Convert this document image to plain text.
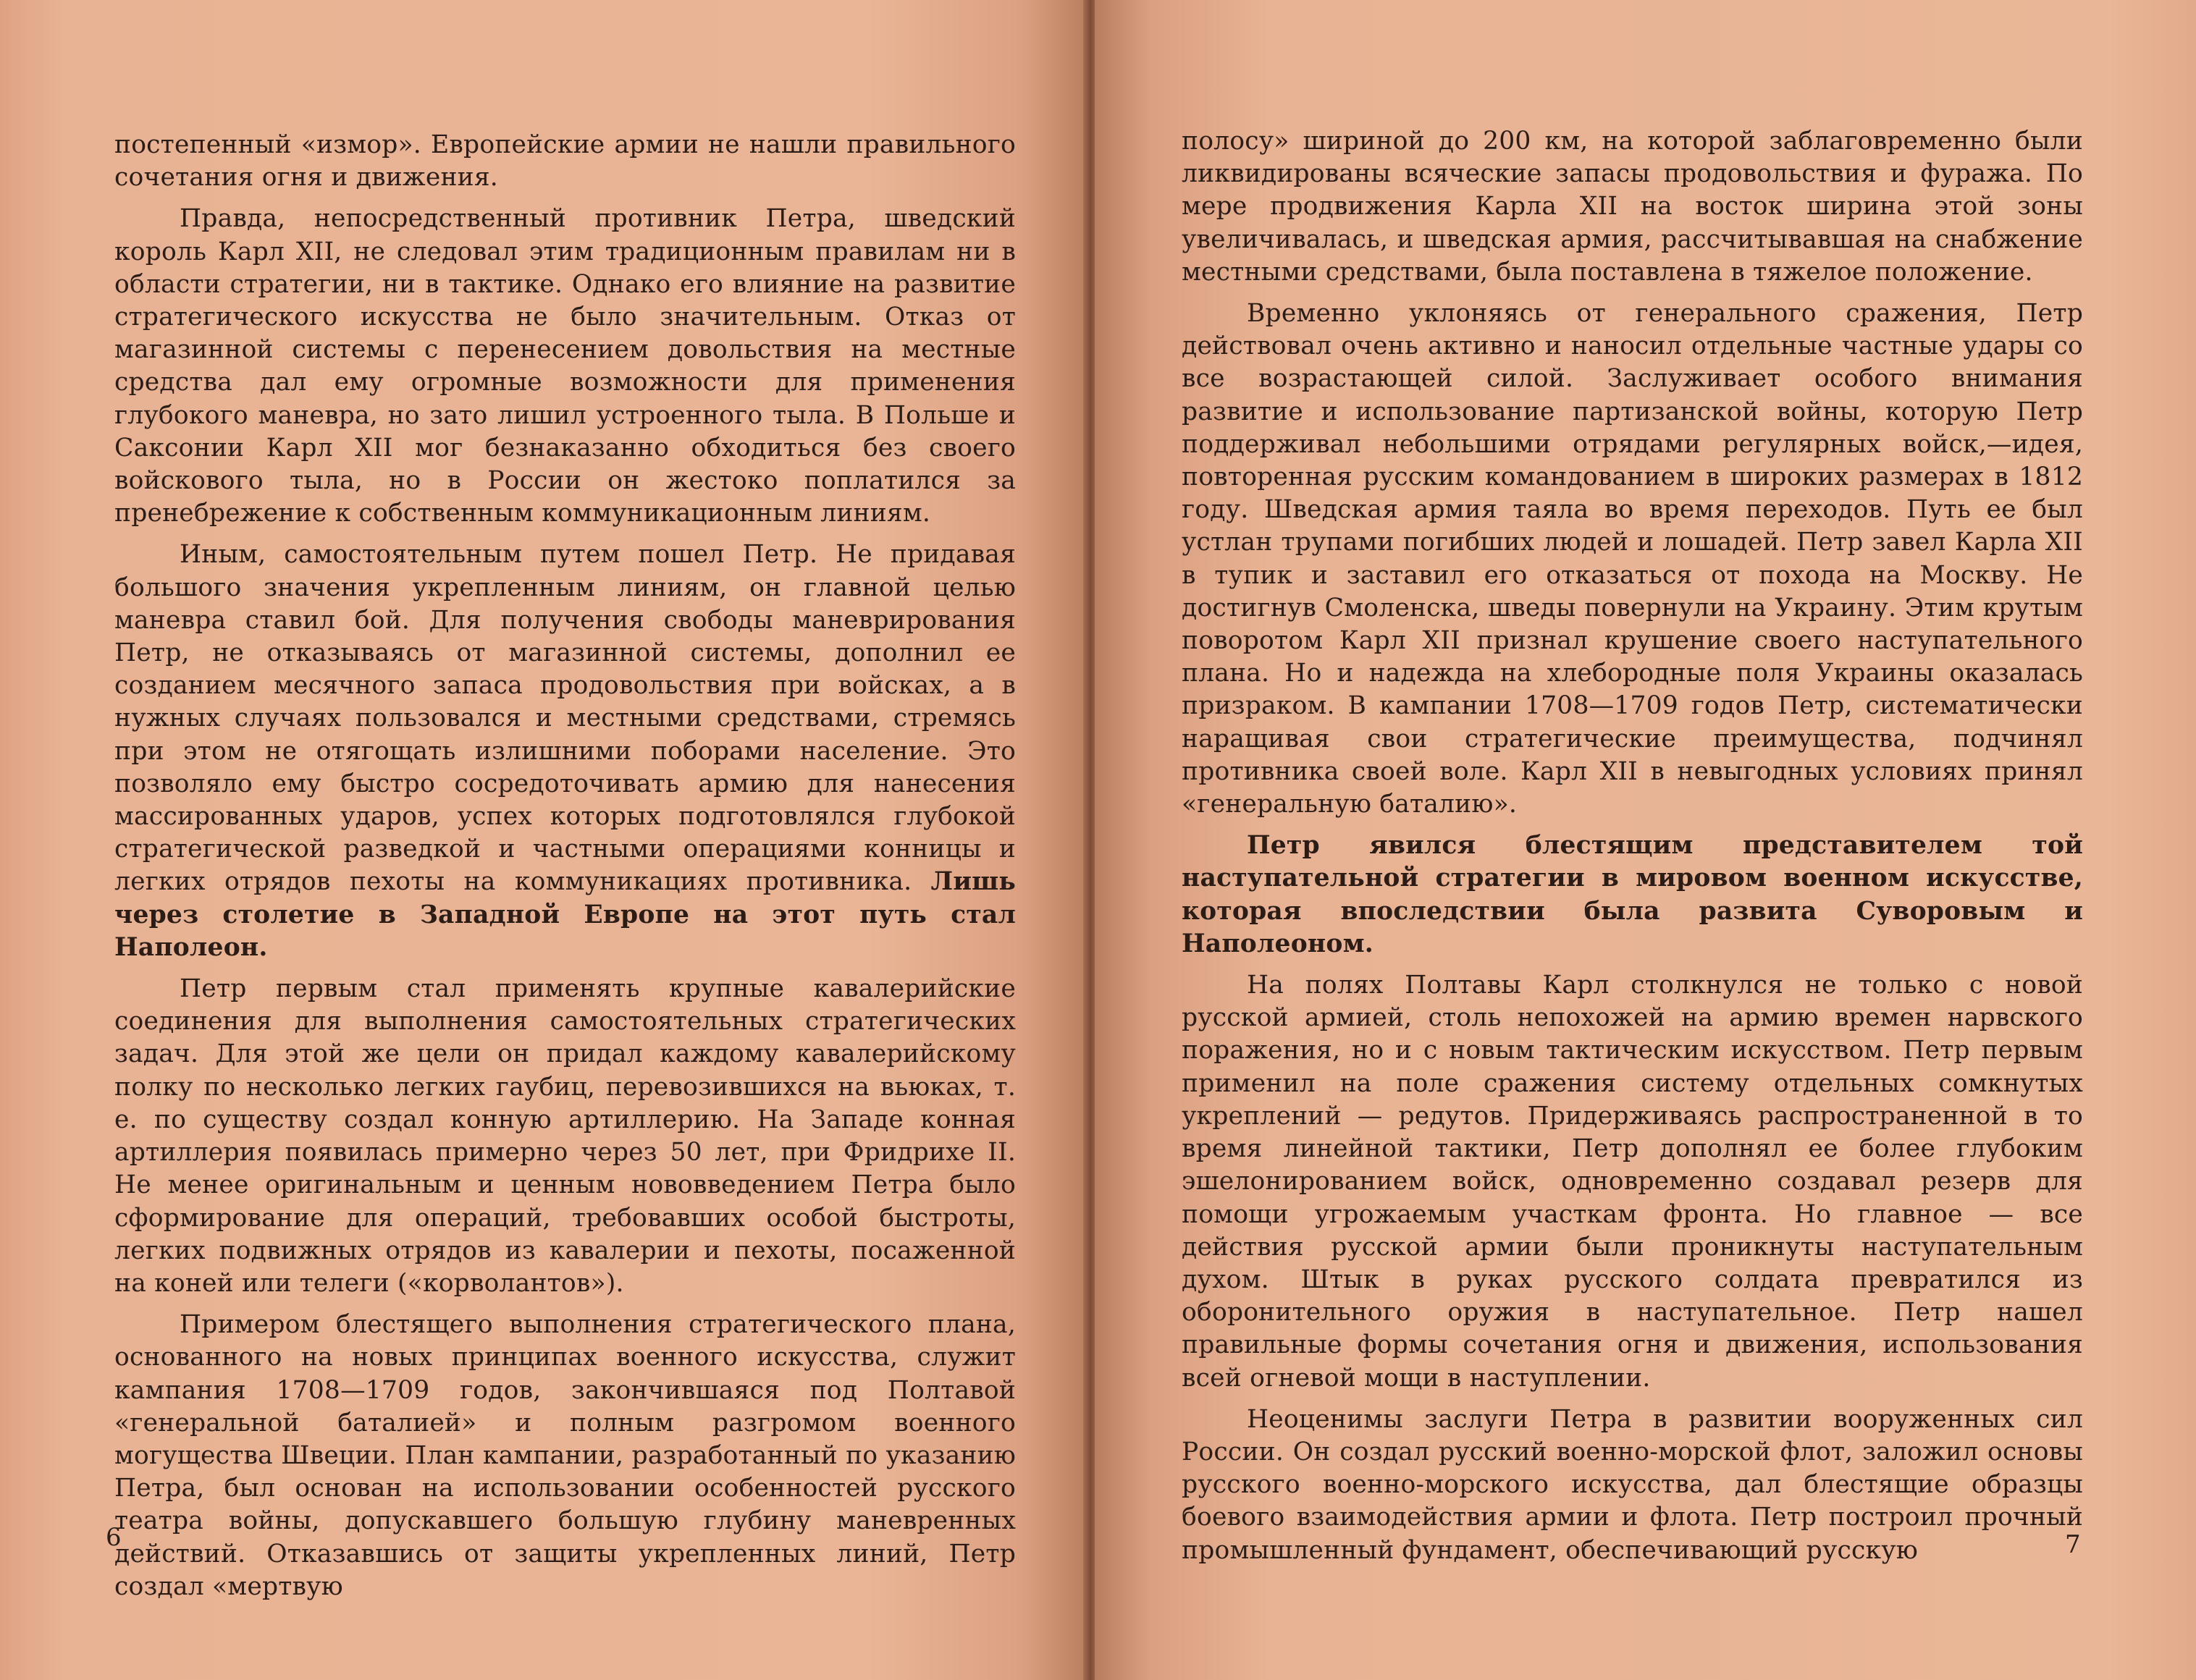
постепенный «измор». Европейские армии не нашли правильного сочетания огня и движения.

Правда, непосредственный противник Петра, шведский король Карл XII, не следовал этим традиционным правилам ни в области стратегии, ни в тактике. Однако его влияние на развитие стратегического искусства не было значительным. Отказ от магазинной системы с перенесением довольствия на местные средства дал ему огромные возможности для применения глубокого маневра, но зато лишил устроенного тыла. В Польше и Саксонии Карл XII мог безнаказанно обходиться без своего войскового тыла, но в России он жестоко поплатился за пренебрежение к собственным коммуникационным линиям.

Иным, самостоятельным путем пошел Петр. Не придавая большого значения укрепленным линиям, он главной целью маневра ставил бой. Для получения свободы маневрирования Петр, не отказываясь от магазинной системы, дополнил ее созданием месячного запаса продовольствия при войсках, а в нужных случаях пользовался и местными средствами, стремясь при этом не отягощать излишними поборами население. Это позволяло ему быстро сосредоточивать армию для нанесения массированных ударов, успех которых подготовлялся глубокой стратегической разведкой и частными операциями конницы и легких отрядов пехоты на коммуникациях противника. Лишь через столетие в Западной Европе на этот путь стал Наполеон.

Петр первым стал применять крупные кавалерийские соединения для выполнения самостоятельных стратегических задач. Для этой же цели он придал каждому кавалерийскому полку по несколько легких гаубиц, перевозившихся на вьюках, т. е. по существу создал конную артиллерию. На Западе конная артиллерия появилась примерно через 50 лет, при Фридрихе II. Не менее оригинальным и ценным нововведением Петра было сформирование для операций, требовавших особой быстроты, легких подвижных отрядов из кавалерии и пехоты, посаженной на коней или телеги («корволантов»).

Примером блестящего выполнения стратегического плана, основанного на новых принципах военного искусства, служит кампания 1708—1709 годов, закончившаяся под Полтавой «генеральной баталией» и полным разгромом военного могущества Швеции. План кампании, разработанный по указанию Петра, был основан на использовании особенностей русского театра войны, допускавшего большую глубину маневренных действий. Отказавшись от защиты укрепленных линий, Петр создал «мертвую

6

полосу» шириной до 200 км, на которой заблаговременно были ликвидированы всяческие запасы продовольствия и фуража. По мере продвижения Карла XII на восток ширина этой зоны увеличивалась, и шведская армия, рассчитывавшая на снабжение местными средствами, была поставлена в тяжелое положение.

Временно уклоняясь от генерального сражения, Петр действовал очень активно и наносил отдельные частные удары со все возрастающей силой. Заслуживает особого внимания развитие и использование партизанской войны, которую Петр поддерживал небольшими отрядами регулярных войск,—идея, повторенная русским командованием в широких размерах в 1812 году. Шведская армия таяла во время переходов. Путь ее был устлан трупами погибших людей и лошадей. Петр завел Карла XII в тупик и заставил его отказаться от похода на Москву. Не достигнув Смоленска, шведы повернули на Украину. Этим крутым поворотом Карл XII признал крушение своего наступательного плана. Но и надежда на хлебородные поля Украины оказалась призраком. В кампании 1708—1709 годов Петр, систематически наращивая свои стратегические преимущества, подчинял противника своей воле. Карл XII в невыгодных условиях принял «генеральную баталию».

Петр явился блестящим представителем той наступательной стратегии в мировом военном искусстве, которая впоследствии была развита Суворовым и Наполеоном.

На полях Полтавы Карл столкнулся не только с новой русской армией, столь непохожей на армию времен нарвского поражения, но и с новым тактическим искусством. Петр первым применил на поле сражения систему отдельных сомкнутых укреплений — редутов. Придерживаясь распространенной в то время линейной тактики, Петр дополнял ее более глубоким эшелонированием войск, одновременно создавал резерв для помощи угрожаемым участкам фронта. Но главное — все действия русской армии были проникнуты наступательным духом. Штык в руках русского солдата превратился из оборонительного оружия в наступательное. Петр нашел правильные формы сочетания огня и движения, использования всей огневой мощи в наступлении.

Неоценимы заслуги Петра в развитии вооруженных сил России. Он создал русский военно-морской флот, заложил основы русского военно-морского искусства, дал блестящие образцы боевого взаимодействия армии и флота. Петр построил прочный промышленный фундамент, обеспечивающий русскую	7
